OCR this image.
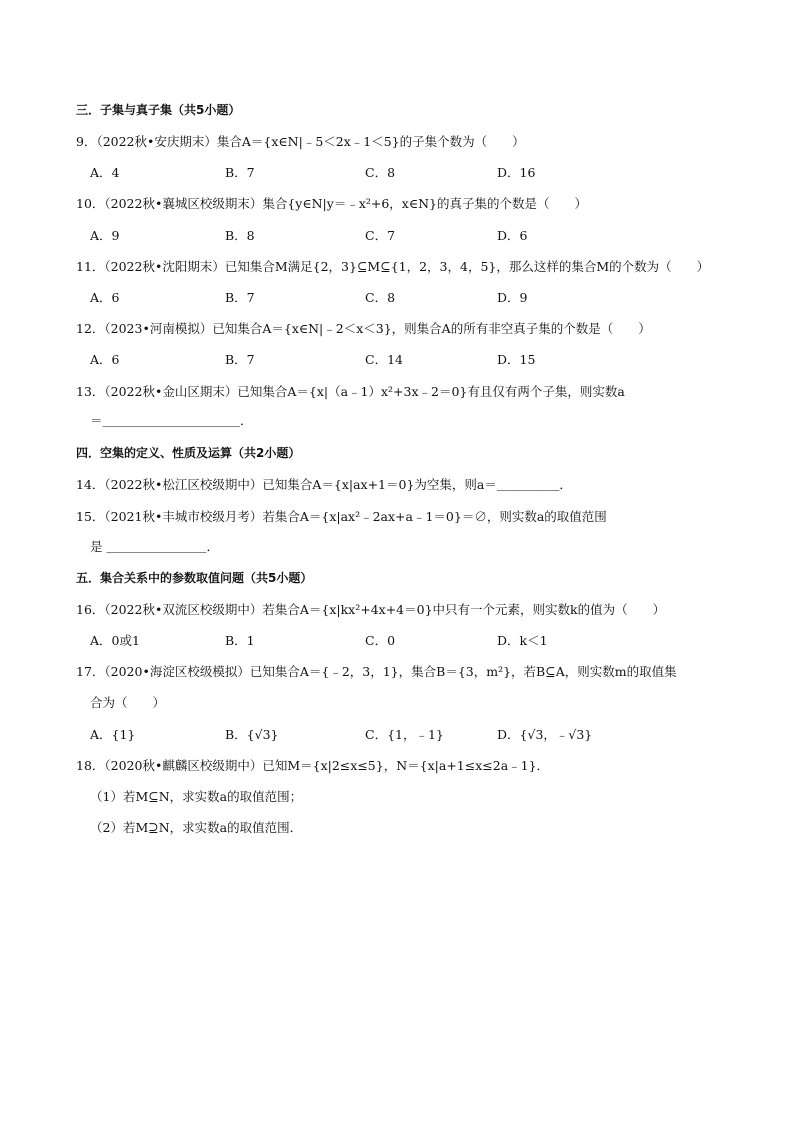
三．子集与真子集（共5小题）
9．（2022秋•安庆期末）集合A＝{x∈N|﹣5＜2x﹣1＜5}的子集个数为（　　）
A．4	B．7	C．8	D．16
10．（2022秋•襄城区校级期末）集合{y∈N|y＝﹣x²+6，x∈N}的真子集的个数是（　　）
A．9	B．8	C．7	D．6
11．（2022秋•沈阳期末）已知集合M满足{2，3}⊆M⊆{1，2，3，4，5}，那么这样的集合M的个数为（　　）
A．6	B．7	C．8	D．9
12．（2023•河南模拟）已知集合A＝{x∈N|﹣2＜x＜3}，则集合A的所有非空真子集的个数是（　　）
A．6	B．7	C．14	D．15
13．（2022秋•金山区期末）已知集合A＝{x|（a﹣1）x²+3x﹣2＝0}有且仅有两个子集，则实数a
＝＿＿＿＿＿＿＿＿＿＿＿．
四．空集的定义、性质及运算（共2小题）
14．（2022秋•松江区校级期中）已知集合A＝{x|ax+1＝0}为空集，则a＝＿＿＿＿＿．
15．（2021秋•丰城市校级月考）若集合A＝{x|ax²﹣2ax+a﹣1＝0}＝∅，则实数a的取值范围
是 ＿＿＿＿＿＿＿＿．
五．集合关系中的参数取值问题（共5小题）
16．（2022秋•双流区校级期中）若集合A＝{x|kx²+4x+4＝0}中只有一个元素，则实数k的值为（　　）
A．0或1	B．1	C．0	D．k＜1
17．（2020•海淀区校级模拟）已知集合A＝{﹣2，3，1}，集合B＝{3，m²}，若B⊆A，则实数m的取值集
合为（　　）
A．{1}	B．{√3}	C．{1，﹣1}	D．{√3，﹣√3}
18．（2020秋•麒麟区校级期中）已知M＝{x|2≤x≤5}，N＝{x|a+1≤x≤2a﹣1}．
（1）若M⊆N，求实数a的取值范围；
（2）若M⊇N，求实数a的取值范围．
